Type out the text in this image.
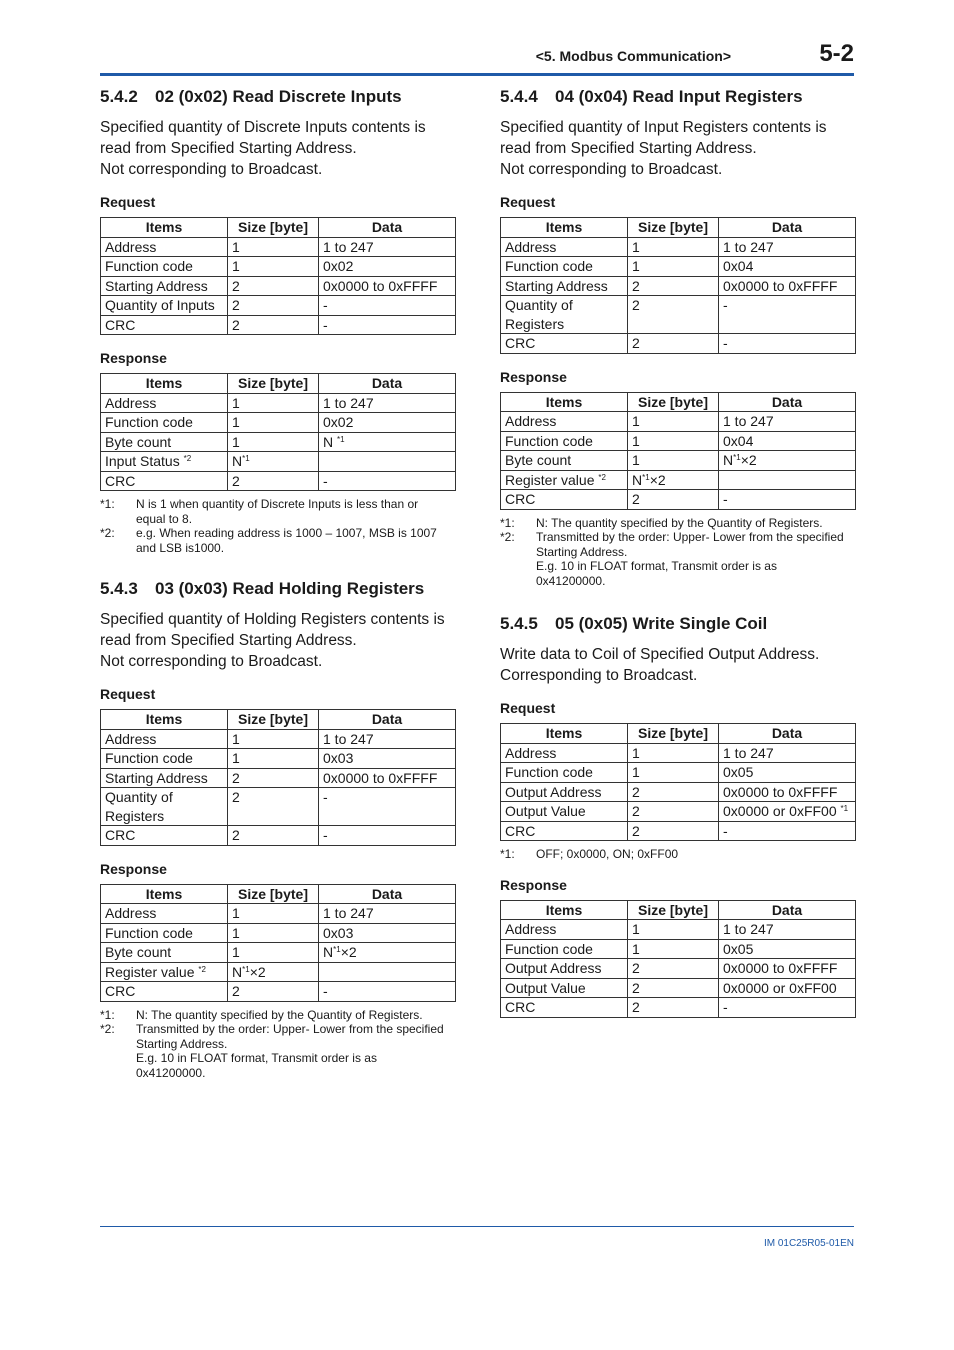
<5. Modbus Communication>	5-2
5.4.2 02 (0x02) Read Discrete Inputs

Specified quantity of Discrete Inputs contents is

read from Specified Starting Address.

Not corresponding to Broadcast.

Request
Items	Size [byte]	Data
Address	1	1 to 247
Function code	1	0x02
Starting Address	2	0x0000 to 0xFFFF
Quantity of Inputs	2	-
CRC	2	-
Response
Items	Size [byte]	Data
Address	1	1 to 247
Function code	1	0x02
Byte count	1	N $^{*1}$
Input Status $^{*2}$	$N^{*1}$	
CRC	2	-
*1:	N is 1 when quantity of Discrete Inputs is less than or
equal to 8.
*2:	e.g. When reading address is 1000 – 1007, MSB is 1007
and LSB is1000.
5.4.3 03 (0x03) Read Holding Registers

Specified quantity of Holding Registers contents is

read from Specified Starting Address.

Not corresponding to Broadcast.

Request
Items	Size [byte]	Data
Address	1	1 to 247
Function code	1	0x03
Starting Address	2	0x0000 to 0xFFFF
Quantity of Registers	2	-
CRC	2	-
Response
Items	Size [byte]	Data
Address	1	1 to 247
Function code	1	0x03
Byte count	1	$N^{*1}\times 2$
Register value $^{*2}$	$N^{*1}\times 2$	
CRC	2	-
*1:	N: The quantity specified by the Quantity of Registers.
*2:	Transmitted by the order: Upper- Lower from the specified
Starting Address.
E.g. 10 in FLOAT format, Transmit order is as
0x41200000.
5.4.4 04 (0x04) Read Input Registers

Specified quantity of Input Registers contents is

read from Specified Starting Address.

Not corresponding to Broadcast.

Request
Items	Size [byte]	Data
Address	1	1 to 247
Function code	1	0x04
Starting Address	2	0x0000 to 0xFFFF
Quantity of Registers	2	-
CRC	2	-
Response
Items	Size [byte]	Data
Address	1	1 to 247
Function code	1	0x04
Byte count	1	$N^{*1}\times 2$
Register value $^{*2}$	$N^{*1}\times 2$	
CRC	2	-
*1:	N: The quantity specified by the Quantity of Registers.
*2:	Transmitted by the order: Upper- Lower from the specified
Starting Address.
E.g. 10 in FLOAT format, Transmit order is as
0x41200000.
5.4.5 05 (0x05) Write Single Coil

Write data to Coil of Specified Output Address.

Corresponding to Broadcast.

Request
Items	Size [byte]	Data
Address	1	1 to 247
Function code	1	0x05
Output Address	2	0x0000 to 0xFFFF
Output Value	2	0x0000 or 0xFF00 $^{*1}$
CRC	2	-
*1:	OFF; 0x0000, ON; 0xFF00
Response
Items	Size [byte]	Data
Address	1	1 to 247
Function code	1	0x05
Output Address	2	0x0000 to 0xFFFF
Output Value	2	0x0000 or 0xFF00
CRC	2	-
IM 01C25R05-01EN
